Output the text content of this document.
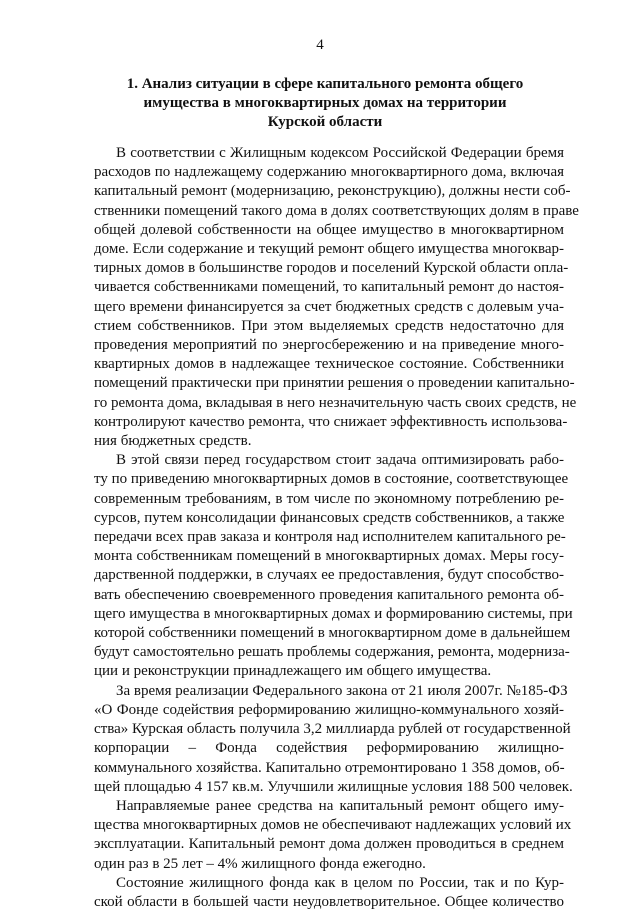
4
1. Анализ ситуации в сфере капитального ремонта общего
имущества в многоквартирных домах на территории
Курской области
В соответствии с Жилищным кодексом Российской Федерации бремя
расходов по надлежащему содержанию многоквартирного дома, включая
капитальный ремонт (модернизацию, реконструкцию), должны нести соб-
ственники помещений такого дома в долях соответствующих долям в праве
общей долевой собственности на общее имущество в многоквартирном
доме. Если содержание и текущий ремонт общего имущества многоквар-
тирных домов в большинстве городов и поселений Курской области опла-
чивается собственниками помещений, то капитальный ремонт до настоя-
щего времени финансируется за счет бюджетных средств с долевым уча-
стием собственников. При этом выделяемых средств недостаточно для
проведения мероприятий по энергосбережению и на приведение много-
квартирных домов в надлежащее техническое состояние. Собственники
помещений практически при принятии решения о проведении капитально-
го ремонта дома, вкладывая в него незначительную часть своих средств, не
контролируют качество ремонта, что снижает эффективность использова-
ния бюджетных средств.
В этой связи перед государством стоит задача оптимизировать рабо-
ту по приведению многоквартирных домов в состояние, соответствующее
современным требованиям, в том числе по экономному потреблению ре-
сурсов, путем консолидации финансовых средств собственников, а также
передачи всех прав заказа и контроля над исполнителем капитального ре-
монта собственникам помещений в многоквартирных домах. Меры госу-
дарственной поддержки, в случаях ее предоставления, будут способство-
вать обеспечению своевременного проведения капитального ремонта об-
щего имущества в многоквартирных домах и формированию системы, при
которой собственники помещений в многоквартирном доме в дальнейшем
будут самостоятельно решать проблемы содержания, ремонта, модерниза-
ции и реконструкции принадлежащего им общего имущества.
За время реализации Федерального закона от 21 июля 2007г. №185-ФЗ
«О Фонде содействия реформированию жилищно-коммунального хозяй-
ства» Курская область получила 3,2 миллиарда рублей от государственной
корпорации – Фонда содействия реформированию жилищно-
коммунального хозяйства. Капитально отремонтировано 1 358 домов, об-
щей площадью 4 157 кв.м. Улучшили жилищные условия 188 500 человек.
Направляемые ранее средства на капитальный ремонт общего иму-
щества многоквартирных домов не обеспечивают надлежащих условий их
эксплуатации. Капитальный ремонт дома должен проводиться в среднем
один раз в 25 лет – 4% жилищного фонда ежегодно.
Состояние жилищного фонда как в целом по России, так и по Кур-
ской области в большей части неудовлетворительное. Общее количество
